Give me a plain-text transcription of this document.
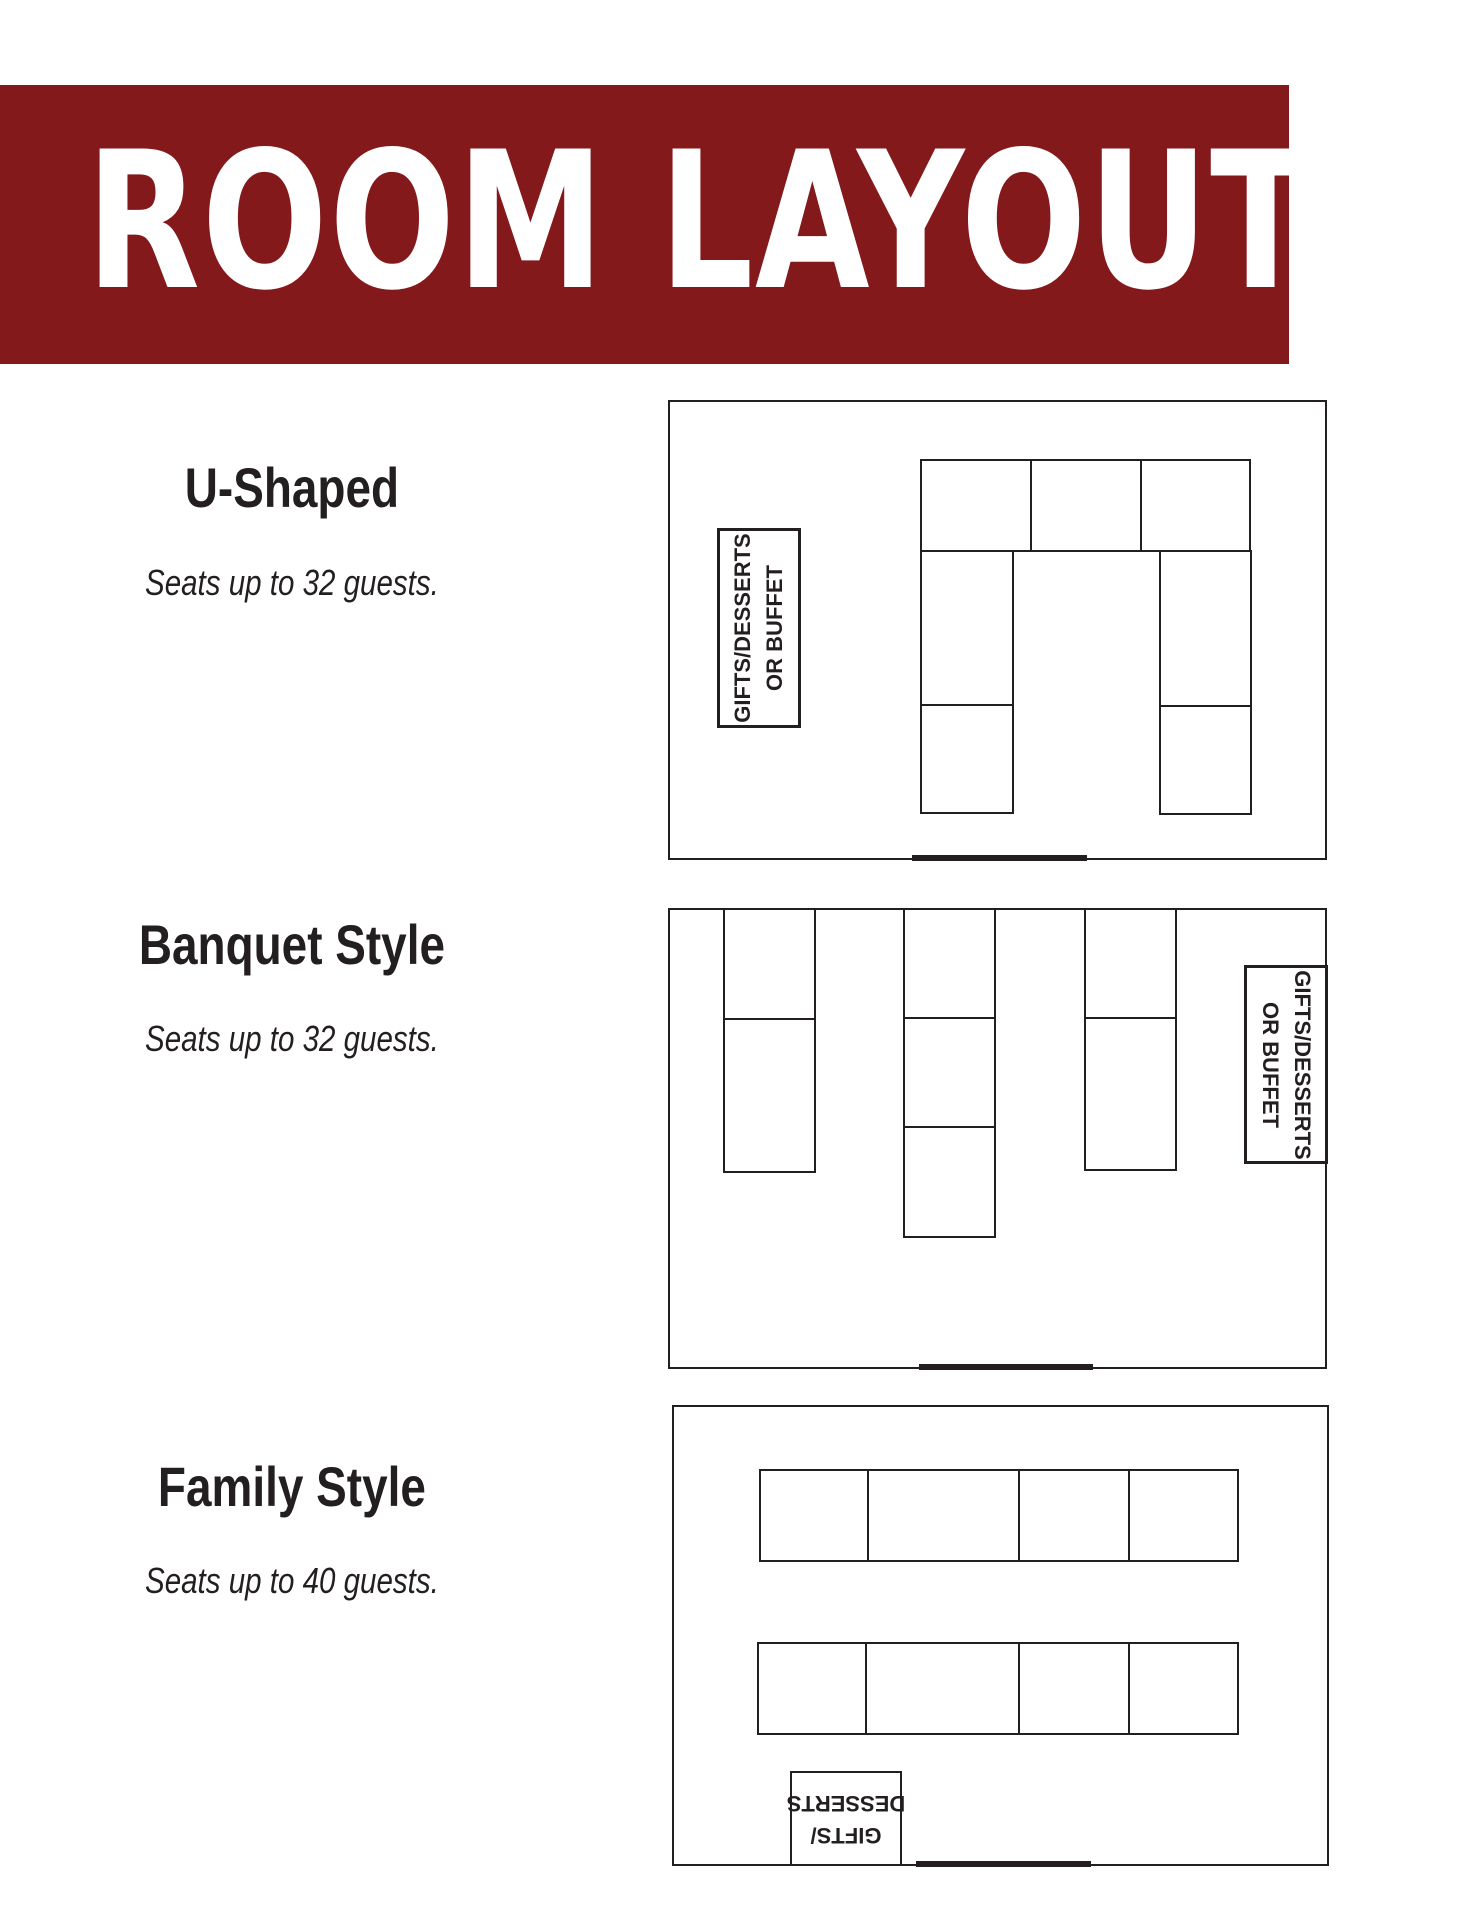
ROOM LAYOUTS
U-Shaped
Seats up to 32 guests.	GIFTS/DESSERTS
OR BUFFET
Banquet Style
Seats up to 32 guests.	GIFTS/DESSERTS
OR BUFFET
Family Style
Seats up to 40 guests.
GIFTS/
DESSERTS
